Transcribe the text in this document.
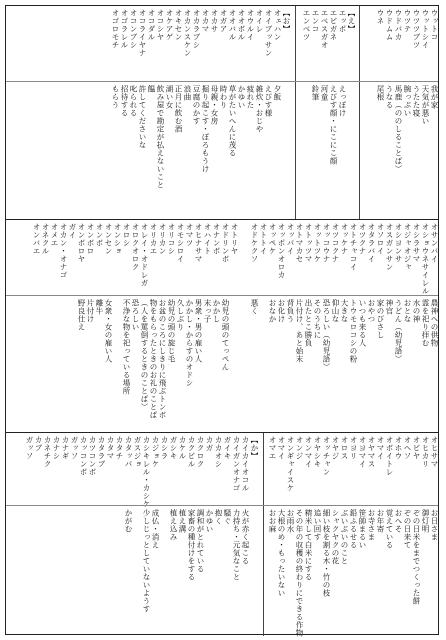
ウットコ
ウットシイ
ウツツブツ
ウツテ
ウドバカ
ウドムム
ウネ
【え】
エッポ
エビガネ
エベスガオ
エンコ
エンベツ
【お】
オェハン
オイブッサン
オイレ
オウルイ
オオボル
オオバル
オガア
オカサ
オカマ
オカラブシ
オカンスケン
オキセン
オケアゲ
オコシヤ
オコダル
オコライヤナ
オコンブシ
オゴラレル
オゴロモチ
我が家
天気が悪い
うたた寝
腕っぷい
馬鹿（ののしることば）
うなる
尾根
えっぽけ
えびす顔・にこにこ顔
河童
鈴筆
夕飯
えびす様
雑炊・おじや
疲れた
かゆい
草がたいへんに茂る
時わり
母親・女房
掘り起こす・ぼろもうけ
豆腐のかす
浪曲
正月に飲む酒
湖い女
飲み屋で勘定が払えないこと
饂
許してくださいな
叱られる
招待する
もらう
オサンバイ
オショウネサイレル
オシラサマ
オジャオジャ
オシヨンサ
オスガンサン
オソロイ
オタラバイ
オツクナ
オトチャコイ
オッケナ
オツコクナ
オッコウナ
オットツケ
オトッツマ
オトマカセ
オッパイ
オッポンオロカ
オッペケ
オトトイ
オドケクソ
オトリヤ
オドリンボ
オナンボ
オハイト
オヒナサマ
オマツ
オモシロイ
オリコシ
オリカン
オリカエ
オレイ・オドレガ
オロクオロク
オロシ
オンショ
オンセン
オンボ
オンボロ
オンボロヤ
ガイ
オカン・オナゴ
オメエ
オネクル
オンバエ
農神への供物
霊を祀り拝む
水の神
おとな
うどん（幼児語）
神官
家のびさし
おやつ
いつも来る人
トウモロコシの粉
大きな
仰山な
恐ろしい（幼児語）
そのうちに
出たとこ勝負
片付け、あと始末
背負う
お化け
おなか
悪く
幼児の頭のてっぺん
かかし
末っ子
男衆・男の雇い人
かかし・からすのオドシ
久しぶり
幼児の頭の旋じ毛
お盆のころにしきりに飛ぶトンボ
物をもらったときのお礼のことば
（人を罵倒するときのことば）
恐ろしい
不浄な物を祀っている場所
女衆・女の雇い人
離牛
片付け
野良仕え
オヒサマ
オヒカリ
オビヤ
オヘソ
オホウ
オボイトレ
オマイ
オヤマス
オヨマイ
オヨリ
オロス
オヤジ
オッチャン
オヤシキ
オンマイ
オンジ
オンギャイスケ
オマイ
オマエ
【か】
カイカイオコル
カイガンオナゴ
ガイキ
カカオシ
カガ
カクロク
カクビル
カケル
ガシキ
カシラ
カジョケ
カシキレル・カシケ
ガスジョ
カタッパ
カタチ
カタマ
カタラブ
カツコンボ
カッコンボ
ガッソ
カナギ
カナシ
カネチク
カブ
ガッソ
お日さま
御灯明
ぞの日米をまでつくった餅
ぞの日来て
おへそ
覚えている
お年寄
お寺さま
笹帥まるい
鉛ふるせる
ぶいぶいのこと
シャクヤクの花
細い枝を割る木・竹の枝
追い回す
精米して白米にする
その年の収穫の終わりにできる作物
お雨水
大根のめ・もったいない
おお麻
火が赤く起こる
力持ち・元気なこと
騒ぐ
抱く
かゆい
調和がとれている
家畜の種付けをする
植え溝
植え込み
成仏・消え
少しじっとしていないようす
かがむ
